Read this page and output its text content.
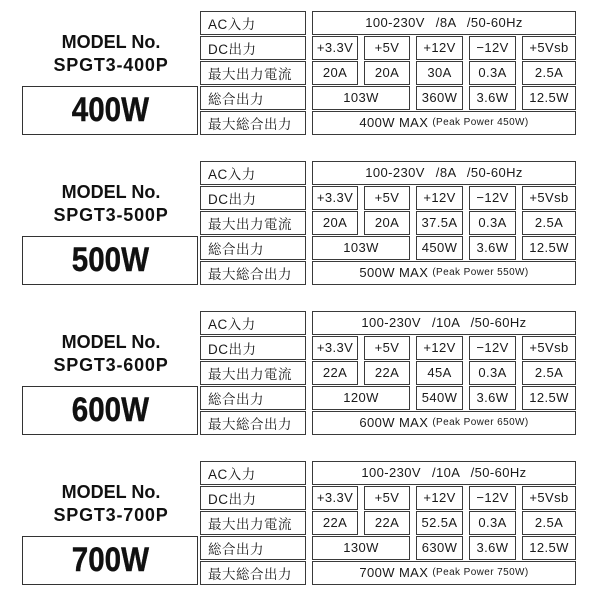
MODEL No.
SPGT3-400P
400W
AC入力	100-230V /8A /50-60Hz
DC出力	+3.3V	+5V	+12V	−12V	+5Vsb
最大出力電流	20A	20A	30A	0.3A	2.5A
総合出力	103W	360W	3.6W	12.5W
最大総合出力	400W MAX (Peak Power 450W)
MODEL No.
SPGT3-500P
500W
AC入力	100-230V /8A /50-60Hz
DC出力	+3.3V	+5V	+12V	−12V	+5Vsb
最大出力電流	20A	20A	37.5A	0.3A	2.5A
総合出力	103W	450W	3.6W	12.5W
最大総合出力	500W MAX (Peak Power 550W)
MODEL No.
SPGT3-600P
600W
AC入力	100-230V /10A /50-60Hz
DC出力	+3.3V	+5V	+12V	−12V	+5Vsb
最大出力電流	22A	22A	45A	0.3A	2.5A
総合出力	120W	540W	3.6W	12.5W
最大総合出力	600W MAX (Peak Power 650W)
MODEL No.
SPGT3-700P
700W
AC入力	100-230V /10A /50-60Hz
DC出力	+3.3V	+5V	+12V	−12V	+5Vsb
最大出力電流	22A	22A	52.5A	0.3A	2.5A
総合出力	130W	630W	3.6W	12.5W
最大総合出力	700W MAX (Peak Power 750W)
